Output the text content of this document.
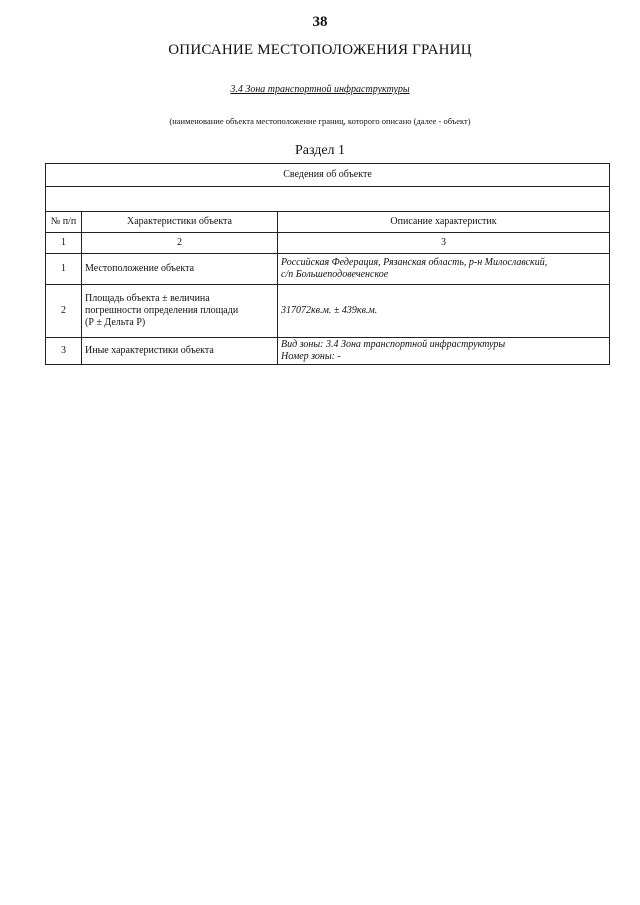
38
ОПИСАНИЕ МЕСТОПОЛОЖЕНИЯ ГРАНИЦ
3.4 Зона транспортной инфраструктуры
(наименование объекта местоположение границ, которого описано (далее - объект)
Раздел 1
Сведения об объекте		

№ п/п	Характеристики объекта	Описание характеристик
1	2	3
1	Местоположение объекта	Российская Федерация, Рязанская область, р-н Милославский,
с/п Большеподовеченское

2	Площадь объекта ± величина
погрешности определения площади
(Р ± Дельта Р)	317072кв.м. ± 439кв.м.
3	Иные характеристики объекта	Вид зоны: 3.4 Зона транспортной инфраструктуры
Номер зоны: -
